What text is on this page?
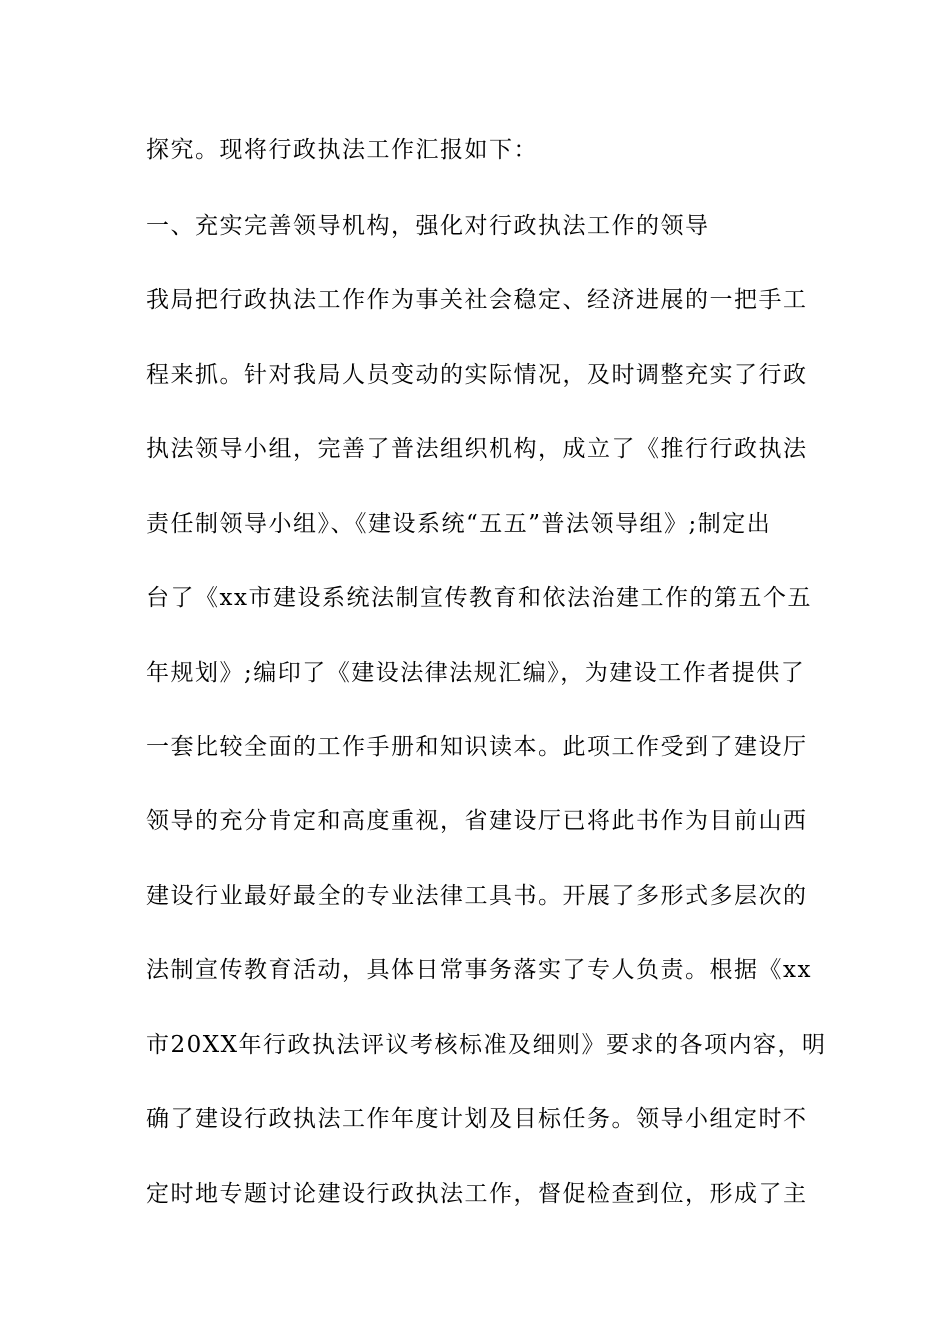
探究。现将行政执法工作汇报如下：
一、充实完善领导机构，强化对行政执法工作的领导
我局把行政执法工作作为事关社会稳定、经济进展的一把手工
程来抓。针对我局人员变动的实际情况，及时调整充实了行政
执法领导小组，完善了普法组织机构，成立了《推行行政执法
责任制领导小组》、《建设系统“五五”普法领导组》;制定出
台了《xx市建设系统法制宣传教育和依法治建工作的第五个五
年规划》;编印了《建设法律法规汇编》，为建设工作者提供了
一套比较全面的工作手册和知识读本。此项工作受到了建设厅
领导的充分肯定和高度重视，省建设厅已将此书作为目前山西
建设行业最好最全的专业法律工具书。开展了多形式多层次的
法制宣传教育活动，具体日常事务落实了专人负责。根据《xx
市20XX年行政执法评议考核标准及细则》要求的各项内容，明
确了建设行政执法工作年度计划及目标任务。领导小组定时不
定时地专题讨论建设行政执法工作，督促检查到位，形成了主
